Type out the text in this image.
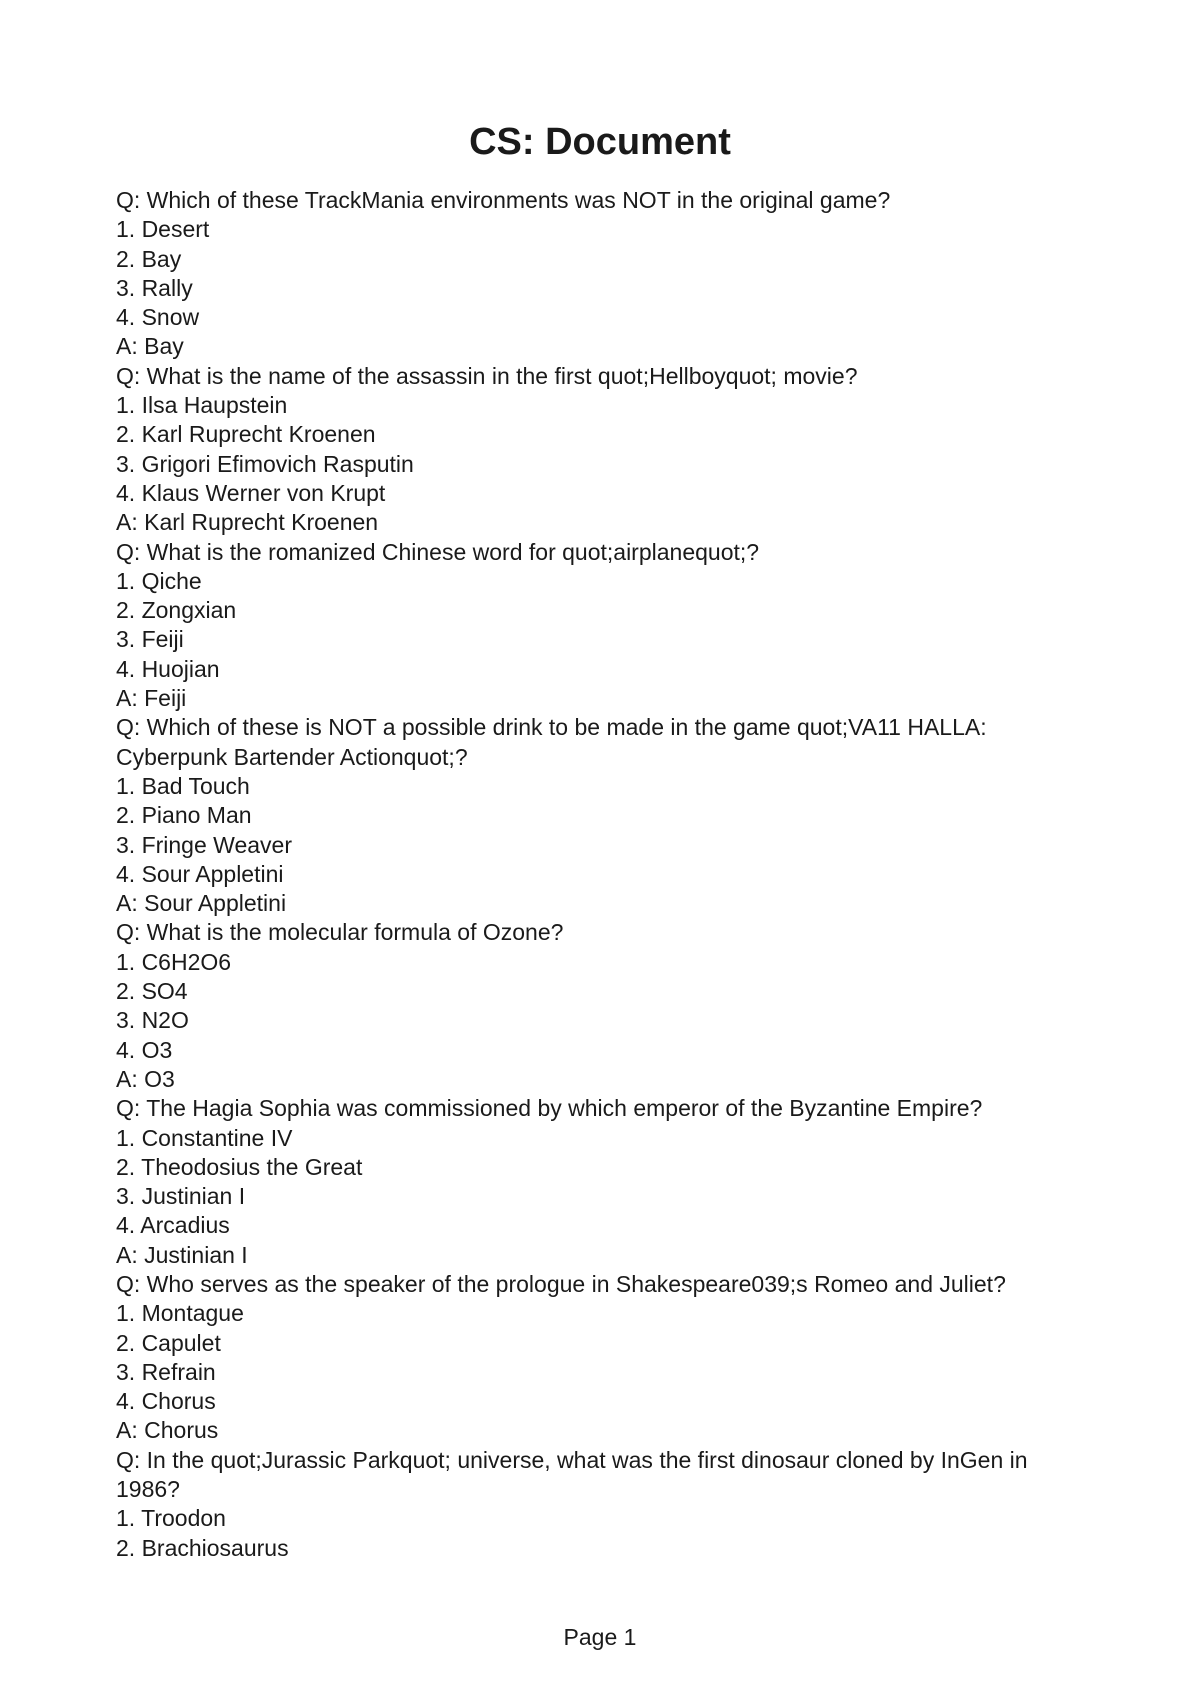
CS: Document
Q: Which of these TrackMania environments was NOT in the original game?
1. Desert
2. Bay
3. Rally
4. Snow
A: Bay
Q: What is the name of the assassin in the first quot;Hellboyquot; movie?
1. Ilsa Haupstein
2. Karl Ruprecht Kroenen
3. Grigori Efimovich Rasputin
4. Klaus Werner von Krupt
A: Karl Ruprecht Kroenen
Q: What is the romanized Chinese word for quot;airplanequot;?
1. Qiche
2. Zongxian
3. Feiji
4. Huojian
A: Feiji
Q: Which of these is NOT a possible drink to be made in the game quot;VA11 HALLA: Cyberpunk Bartender Actionquot;?
1. Bad Touch
2. Piano Man
3. Fringe Weaver
4. Sour Appletini
A: Sour Appletini
Q: What is the molecular formula of Ozone?
1. C6H2O6
2. SO4
3. N2O
4. O3
A: O3
Q: The Hagia Sophia was commissioned by which emperor of the Byzantine Empire?
1. Constantine IV
2. Theodosius the Great
3. Justinian I
4. Arcadius
A: Justinian I
Q: Who serves as the speaker of the prologue in Shakespeare039;s Romeo and Juliet?
1. Montague
2. Capulet
3. Refrain
4. Chorus
A: Chorus
Q: In the quot;Jurassic Parkquot; universe, what was the first dinosaur cloned by InGen in 1986?
1. Troodon
2. Brachiosaurus
Page 1
